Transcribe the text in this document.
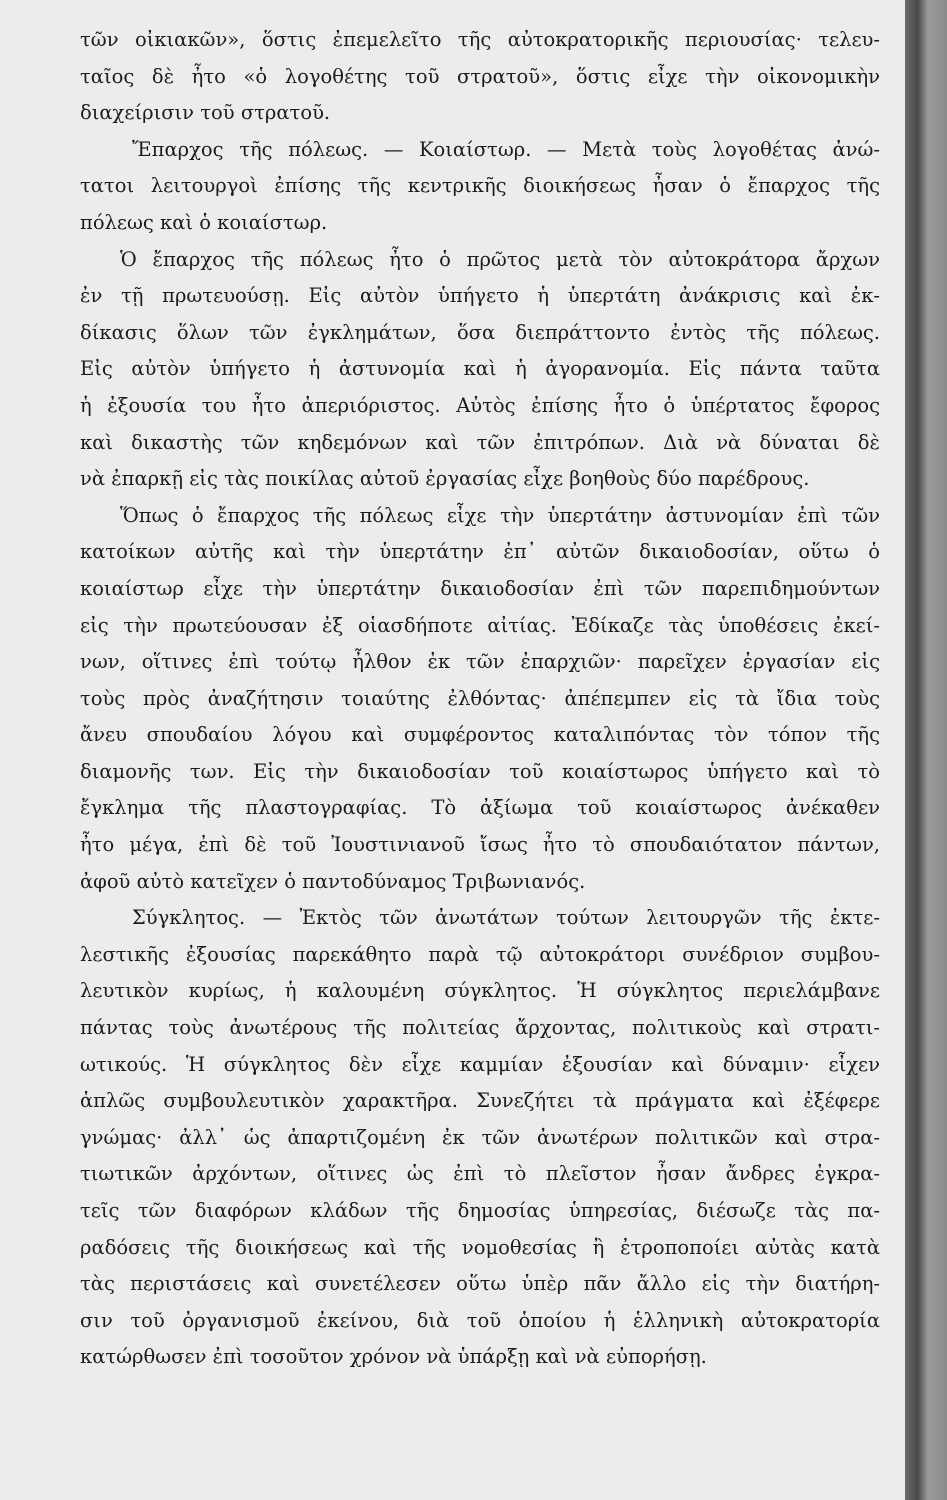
τῶν οἰκιακῶν», ὅστις ἐπεμελεῖτο τῆς αὐτοκρατορικῆς περιουσίας· τελευ-
ταῖος δὲ ἦτο «ὁ λογοθέτης τοῦ στρατοῦ», ὅστις εἶχε τὴν οἰκονομικὴν
διαχείρισιν τοῦ στρατοῦ.
Ἔπαρχος τῆς πόλεως. — Κοιαίστωρ. — Μετὰ τοὺς λογοθέτας ἀνώ-
τατοι λειτουργοὶ ἐπίσης τῆς κεντρικῆς διοικήσεως ἦσαν ὁ ἔπαρχος τῆς
πόλεως καὶ ὁ κοιαίστωρ.
Ὁ ἔπαρχος τῆς πόλεως ἦτο ὁ πρῶτος μετὰ τὸν αὐτοκράτορα ἄρχων
ἐν τῇ πρωτευούσῃ. Εἰς αὐτὸν ὑπήγετο ἡ ὑπερτάτη ἀνάκρισις καὶ ἐκ-
δίκασις ὅλων τῶν ἐγκλημάτων, ὅσα διεπράττοντο ἐντὸς τῆς πόλεως.
Εἰς αὐτὸν ὑπήγετο ἡ ἀστυνομία καὶ ἡ ἀγορανομία. Εἰς πάντα ταῦτα
ἡ ἐξουσία του ἦτο ἀπεριόριστος. Αὐτὸς ἐπίσης ἦτο ὁ ὑπέρτατος ἔφορος
καὶ δικαστὴς τῶν κηδεμόνων καὶ τῶν ἐπιτρόπων. Διὰ νὰ δύναται δὲ
νὰ ἐπαρκῇ εἰς τὰς ποικίλας αὐτοῦ ἐργασίας εἶχε βοηθοὺς δύο παρέδρους.
Ὅπως ὁ ἔπαρχος τῆς πόλεως εἶχε τὴν ὑπερτάτην ἀστυνομίαν ἐπὶ τῶν
κατοίκων αὐτῆς καὶ τὴν ὑπερτάτην ἐπ᾽ αὐτῶν δικαιοδοσίαν, οὕτω ὁ
κοιαίστωρ εἶχε τὴν ὑπερτάτην δικαιοδοσίαν ἐπὶ τῶν παρεπιδημούντων
εἰς τὴν πρωτεύουσαν ἐξ οἱασδήποτε αἰτίας. Ἐδίκαζε τὰς ὑποθέσεις ἐκεί-
νων, οἵτινες ἐπὶ τούτῳ ἦλθον ἐκ τῶν ἐπαρχιῶν· παρεῖχεν ἐργασίαν εἰς
τοὺς πρὸς ἀναζήτησιν τοιαύτης ἐλθόντας· ἀπέπεμπεν εἰς τὰ ἴδια τοὺς
ἄνευ σπουδαίου λόγου καὶ συμφέροντος καταλιπόντας τὸν τόπον τῆς
διαμονῆς των. Εἰς τὴν δικαιοδοσίαν τοῦ κοιαίστωρος ὑπήγετο καὶ τὸ
ἔγκλημα τῆς πλαστογραφίας. Τὸ ἀξίωμα τοῦ κοιαίστωρος ἀνέκαθεν
ἦτο μέγα, ἐπὶ δὲ τοῦ Ἰουστινιανοῦ ἴσως ἦτο τὸ σπουδαιότατον πάντων,
ἀφοῦ αὐτὸ κατεῖχεν ὁ παντοδύναμος Τριβωνιανός.
Σύγκλητος. — Ἐκτὸς τῶν ἀνωτάτων τούτων λειτουργῶν τῆς ἐκτε-
λεστικῆς ἐξουσίας παρεκάθητο παρὰ τῷ αὐτοκράτορι συνέδριον συμβου-
λευτικὸν κυρίως, ἡ καλουμένη σύγκλητος. Ἡ σύγκλητος περιελάμβανε
πάντας τοὺς ἀνωτέρους τῆς πολιτείας ἄρχοντας, πολιτικοὺς καὶ στρατι-
ωτικούς. Ἡ σύγκλητος δὲν εἶχε καμμίαν ἐξουσίαν καὶ δύναμιν· εἶχεν
ἁπλῶς συμβουλευτικὸν χαρακτῆρα. Συνεζήτει τὰ πράγματα καὶ ἐξέφερε
γνώμας· ἀλλ᾽ ὡς ἀπαρτιζομένη ἐκ τῶν ἀνωτέρων πολιτικῶν καὶ στρα-
τιωτικῶν ἀρχόντων, οἵτινες ὡς ἐπὶ τὸ πλεῖστον ἦσαν ἄνδρες ἐγκρα-
τεῖς τῶν διαφόρων κλάδων τῆς δημοσίας ὑπηρεσίας, διέσωζε τὰς πα-
ραδόσεις τῆς διοικήσεως καὶ τῆς νομοθεσίας ἢ ἐτροποποίει αὐτὰς κατὰ
τὰς περιστάσεις καὶ συνετέλεσεν οὕτω ὑπὲρ πᾶν ἄλλο εἰς τὴν διατήρη-
σιν τοῦ ὀργανισμοῦ ἐκείνου, διὰ τοῦ ὁποίου ἡ ἑλληνικὴ αὐτοκρατορία
κατώρθωσεν ἐπὶ τοσοῦτον χρόνον νὰ ὑπάρξῃ καὶ νὰ εὐπορήσῃ.
